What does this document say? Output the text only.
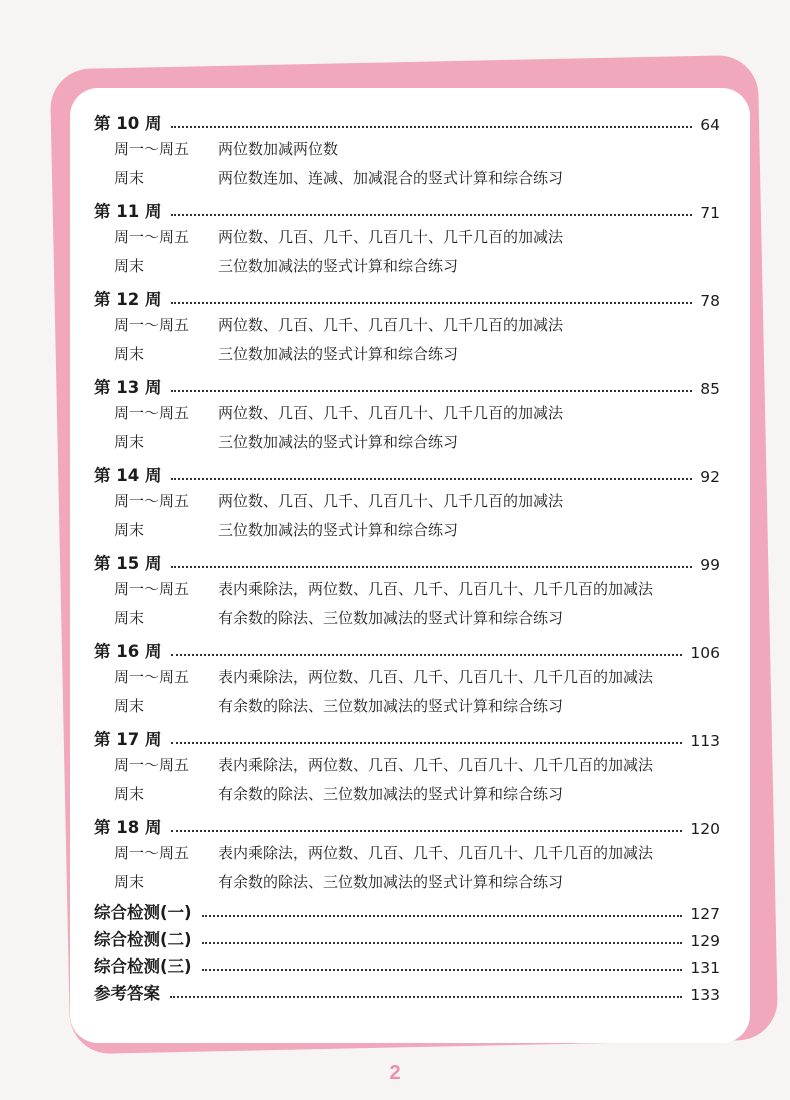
第 10 周	64
周一～周五	两位数加减两位数
周末	两位数连加、连减、加减混合的竖式计算和综合练习
第 11 周	71
周一～周五	两位数、几百、几千、几百几十、几千几百的加减法
周末	三位数加减法的竖式计算和综合练习
第 12 周	78
周一～周五	两位数、几百、几千、几百几十、几千几百的加减法
周末	三位数加减法的竖式计算和综合练习
第 13 周	85
周一～周五	两位数、几百、几千、几百几十、几千几百的加减法
周末	三位数加减法的竖式计算和综合练习
第 14 周	92
周一～周五	两位数、几百、几千、几百几十、几千几百的加减法
周末	三位数加减法的竖式计算和综合练习
第 15 周	99
周一～周五	表内乘除法，两位数、几百、几千、几百几十、几千几百的加减法
周末	有余数的除法、三位数加减法的竖式计算和综合练习
第 16 周	106
周一～周五	表内乘除法，两位数、几百、几千、几百几十、几千几百的加减法
周末	有余数的除法、三位数加减法的竖式计算和综合练习
第 17 周	113
周一～周五	表内乘除法，两位数、几百、几千、几百几十、几千几百的加减法
周末	有余数的除法、三位数加减法的竖式计算和综合练习
第 18 周	120
周一～周五	表内乘除法，两位数、几百、几千、几百几十、几千几百的加减法
周末	有余数的除法、三位数加减法的竖式计算和综合练习
综合检测(一)	127
综合检测(二)	129
综合检测(三)	131
参考答案	133
2
